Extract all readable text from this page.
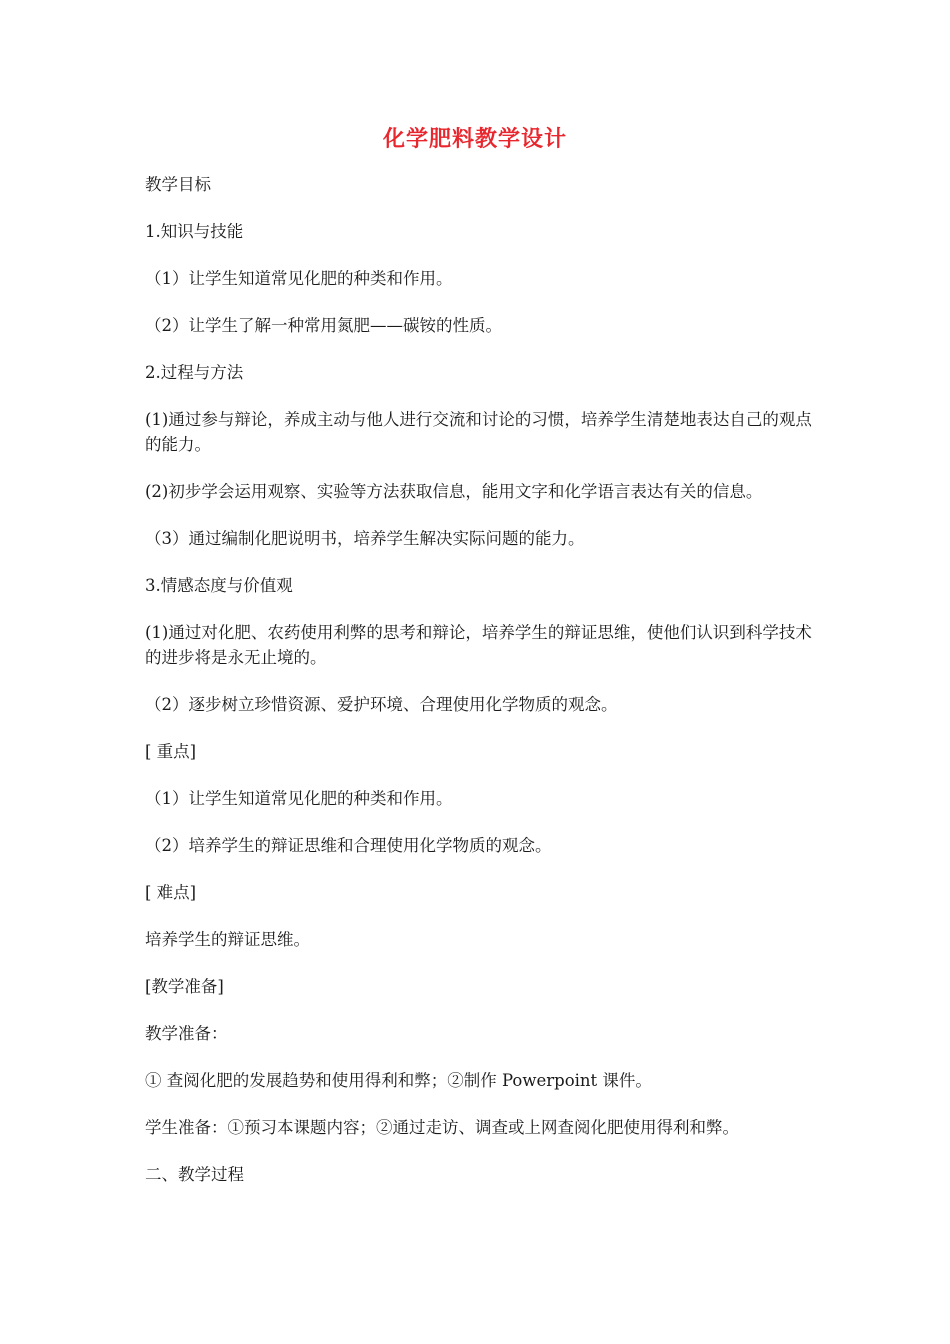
化学肥料教学设计

教学目标

1.知识与技能

（1）让学生知道常见化肥的种类和作用。

（2）让学生了解一种常用氮肥——碳铵的性质。

2.过程与方法

(1)通过参与辩论，养成主动与他人进行交流和讨论的习惯，培养学生清楚地表达自己的观点的能力。

(2)初步学会运用观察、实验等方法获取信息，能用文字和化学语言表达有关的信息。

（3）通过编制化肥说明书，培养学生解决实际问题的能力。

3.情感态度与价值观

(1)通过对化肥、农药使用利弊的思考和辩论，培养学生的辩证思维，使他们认识到科学技术的进步将是永无止境的。

（2）逐步树立珍惜资源、爱护环境、合理使用化学物质的观念。

[ 重点]

（1）让学生知道常见化肥的种类和作用。

（2）培养学生的辩证思维和合理使用化学物质的观念。

[ 难点]

培养学生的辩证思维。

[教学准备]

教学准备：

① 查阅化肥的发展趋势和使用得利和弊；②制作 Powerpoint 课件。

学生准备：①预习本课题内容；②通过走访、调查或上网查阅化肥使用得利和弊。

二、教学过程
